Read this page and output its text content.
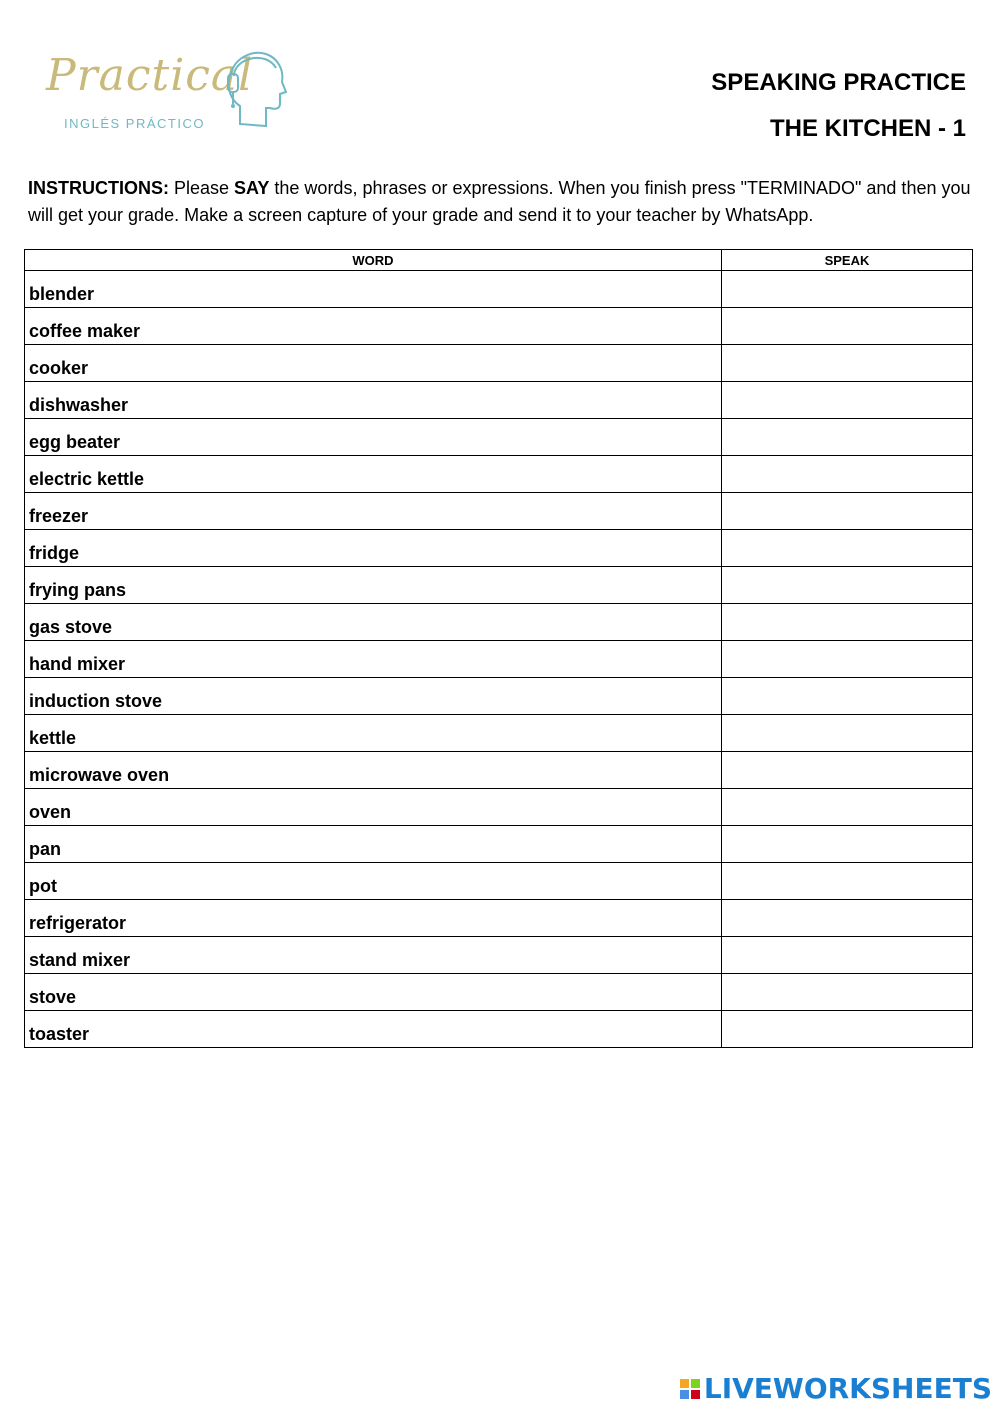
Practical
INGLÉS PRÁCTICO
SPEAKING PRACTICE
THE KITCHEN - 1
INSTRUCTIONS: Please SAY the words, phrases or expressions. When you finish press "TERMINADO" and then you will get your grade. Make a screen capture of your grade and send it to your teacher by WhatsApp.
WORD	SPEAK
blender	
coffee maker	
cooker	
dishwasher	
egg beater	
electric kettle	
freezer	
fridge	
frying pans	
gas stove	
hand mixer	
induction stove	
kettle	
microwave oven	
oven	
pan	
pot	
refrigerator	
stand mixer	
stove	
toaster	
LIVEWORKSHEETS
